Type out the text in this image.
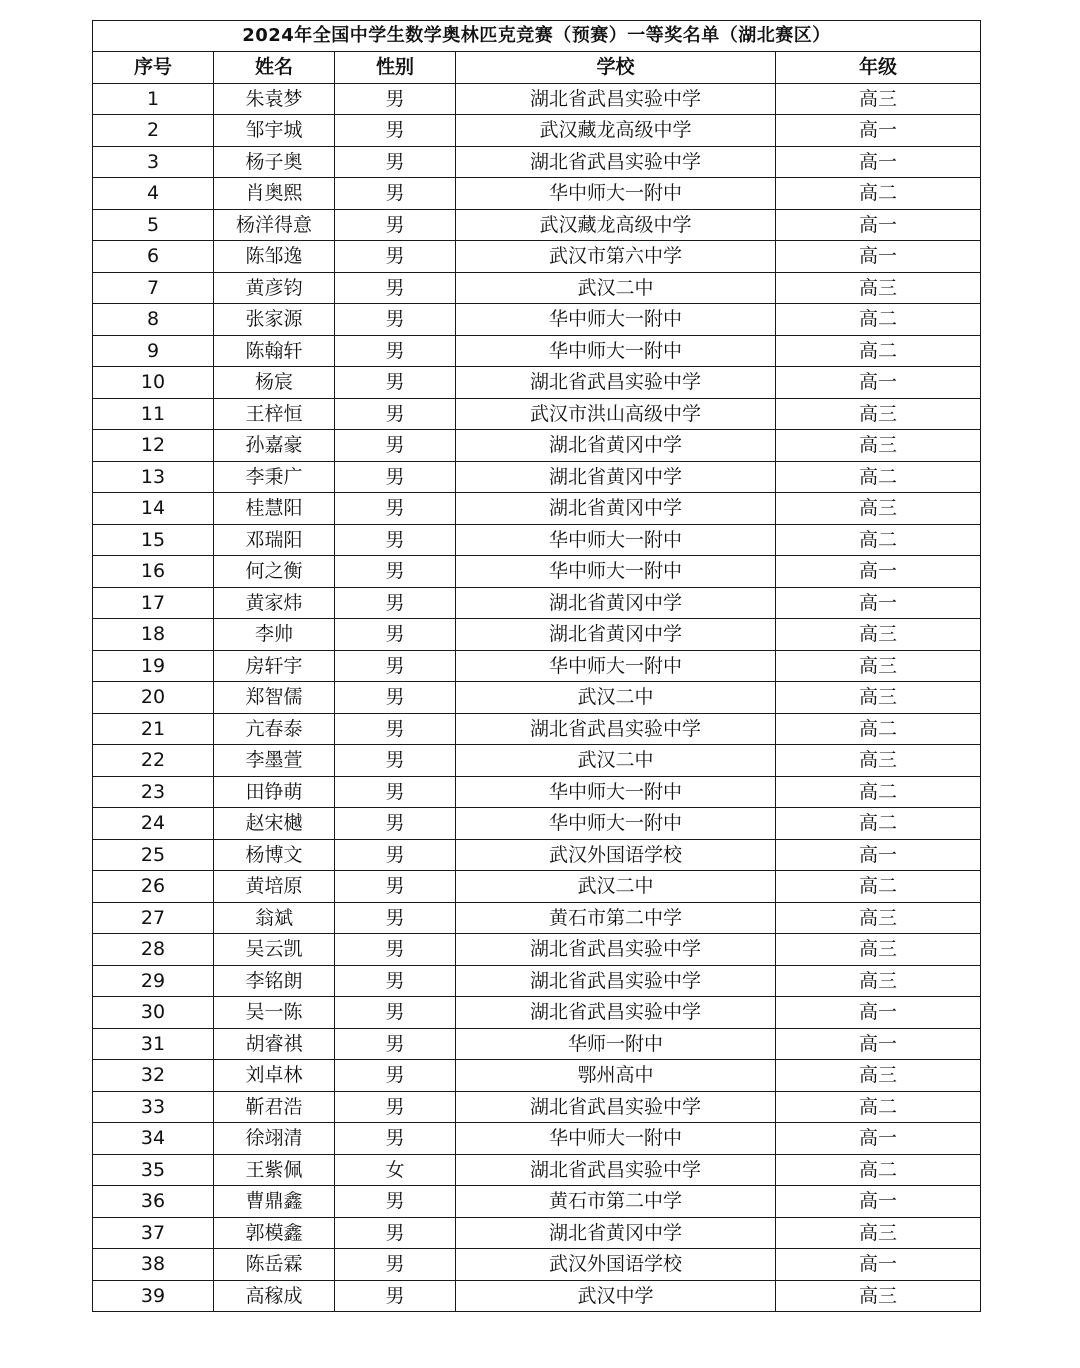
2024年全国中学生数学奥林匹克竞赛（预赛）一等奖名单（湖北赛区）				
序号	姓名	性别	学校	年级
1	朱袁梦	男	湖北省武昌实验中学	高三
2	邹宇城	男	武汉藏龙高级中学	高一
3	杨子奥	男	湖北省武昌实验中学	高一
4	肖奥熙	男	华中师大一附中	高二
5	杨洋得意	男	武汉藏龙高级中学	高一
6	陈邹逸	男	武汉市第六中学	高一
7	黄彦钧	男	武汉二中	高三
8	张家源	男	华中师大一附中	高二
9	陈翰轩	男	华中师大一附中	高二
10	杨宸	男	湖北省武昌实验中学	高一
11	王梓恒	男	武汉市洪山高级中学	高三
12	孙嘉豪	男	湖北省黄冈中学	高三
13	李秉广	男	湖北省黄冈中学	高二
14	桂慧阳	男	湖北省黄冈中学	高三
15	邓瑞阳	男	华中师大一附中	高二
16	何之衡	男	华中师大一附中	高一
17	黄家炜	男	湖北省黄冈中学	高一
18	李帅	男	湖北省黄冈中学	高三
19	房轩宇	男	华中师大一附中	高三
20	郑智儒	男	武汉二中	高三
21	亢春泰	男	湖北省武昌实验中学	高二
22	李墨萱	男	武汉二中	高三
23	田铮萌	男	华中师大一附中	高二
24	赵宋樾	男	华中师大一附中	高二
25	杨博文	男	武汉外国语学校	高一
26	黄培原	男	武汉二中	高二
27	翁斌	男	黄石市第二中学	高三
28	吴云凯	男	湖北省武昌实验中学	高三
29	李铭朗	男	湖北省武昌实验中学	高三
30	吴一陈	男	湖北省武昌实验中学	高一
31	胡睿祺	男	华师一附中	高一
32	刘卓林	男	鄂州高中	高三
33	靳君浩	男	湖北省武昌实验中学	高二
34	徐翊清	男	华中师大一附中	高一
35	王紫佩	女	湖北省武昌实验中学	高二
36	曹鼎鑫	男	黄石市第二中学	高一
37	郭模鑫	男	湖北省黄冈中学	高三
38	陈岳霖	男	武汉外国语学校	高一
39	高稼成	男	武汉中学	高三
